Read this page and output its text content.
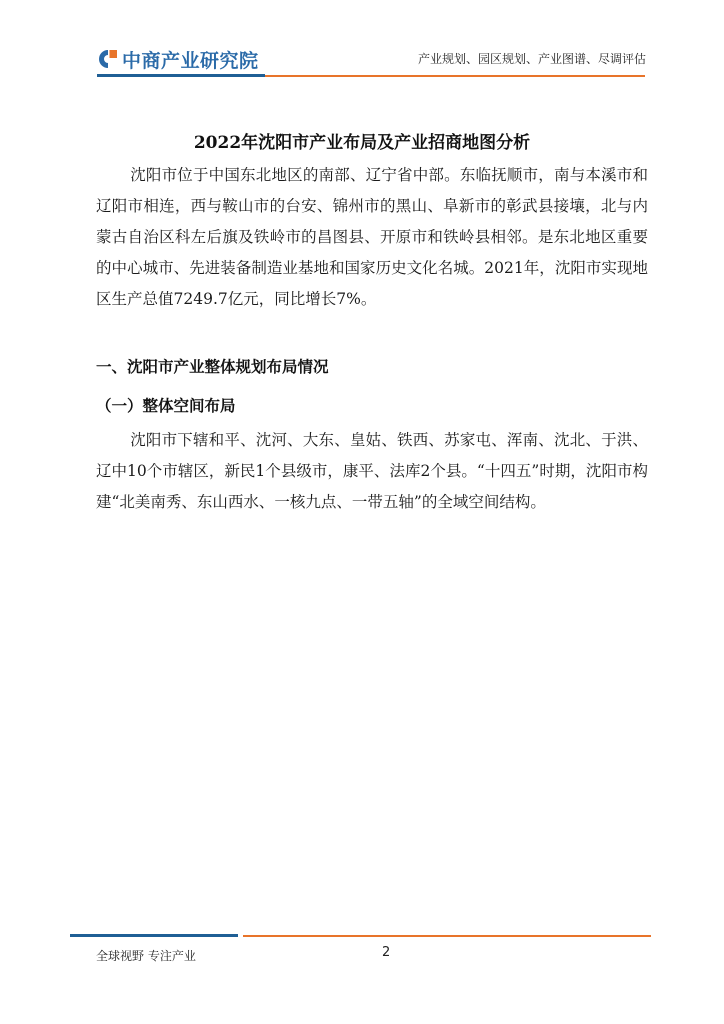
中商产业研究院	产业规划、园区规划、产业图谱、尽调评估
2022年沈阳市产业布局及产业招商地图分析

沈阳市位于中国东北地区的南部、辽宁省中部。东临抚顺市，南与本溪市和辽阳市相连，西与鞍山市的台安、锦州市的黑山、阜新市的彰武县接壤，北与内蒙古自治区科左后旗及铁岭市的昌图县、开原市和铁岭县相邻。是东北地区重要的中心城市、先进装备制造业基地和国家历史文化名城。2021年，沈阳市实现地区生产总值7249.7亿元，同比增长7%。

一、沈阳市产业整体规划布局情况
（一）整体空间布局

沈阳市下辖和平、沈河、大东、皇姑、铁西、苏家屯、浑南、沈北、于洪、辽中10个市辖区，新民1个县级市，康平、法库2个县。“十四五”时期，沈阳市构建“北美南秀、东山西水、一核九点、一带五轴”的全域空间结构。

全球视野 专注产业	2
